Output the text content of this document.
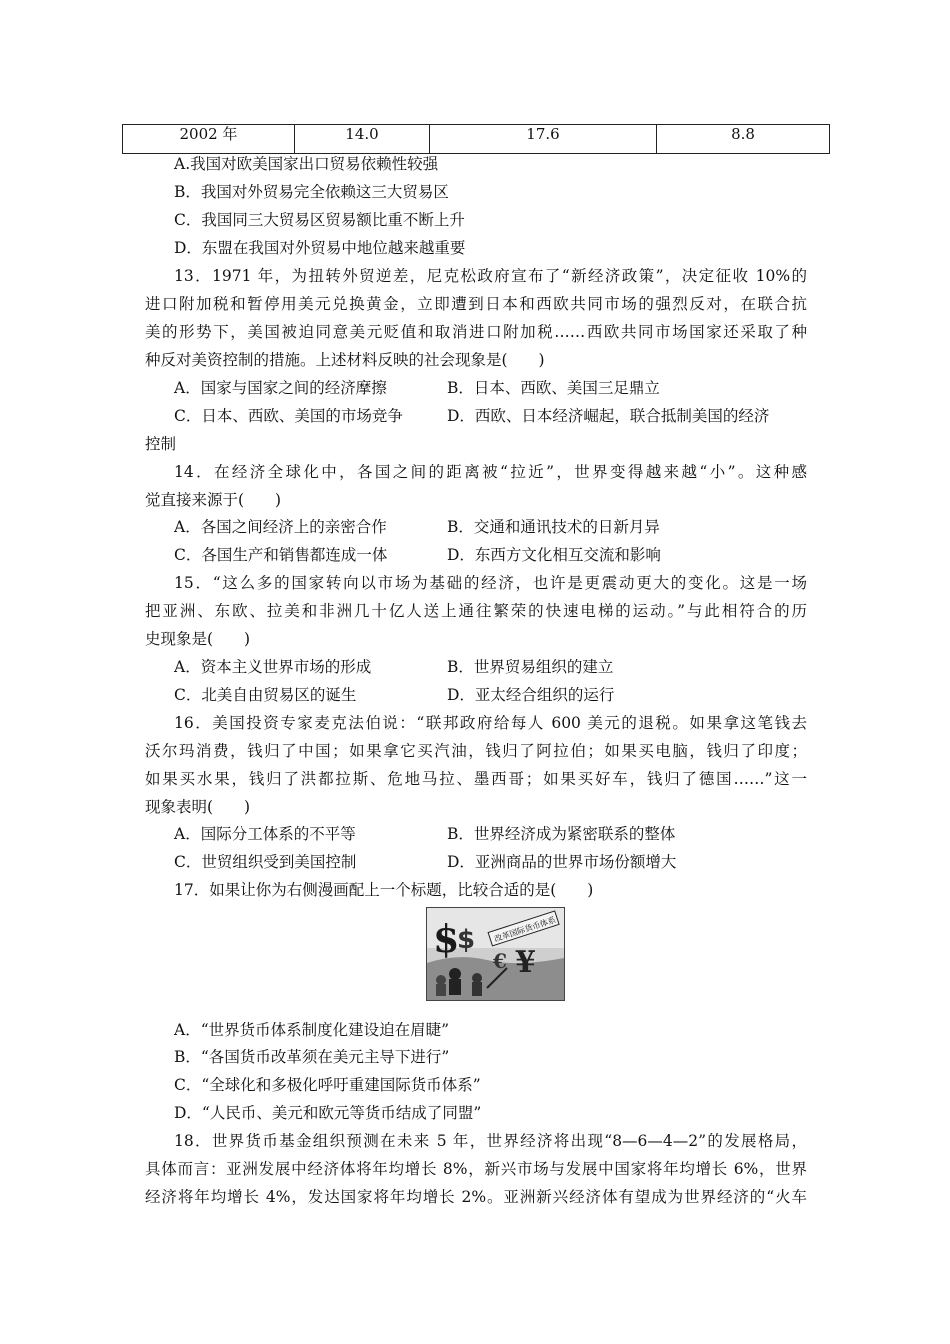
2002 年	14.0	17.6	8.8
A.我国对欧美国家出口贸易依赖性较强
B．我国对外贸易完全依赖这三大贸易区
C．我国同三大贸易区贸易额比重不断上升
D．东盟在我国对外贸易中地位越来越重要
13．1971 年，为扭转外贸逆差，尼克松政府宣布了“新经济政策”，决定征收 10%的
进口附加税和暂停用美元兑换黄金，立即遭到日本和西欧共同市场的强烈反对，在联合抗
美的形势下，美国被迫同意美元贬值和取消进口附加税……西欧共同市场国家还采取了种
种反对美资控制的措施。上述材料反映的社会现象是(　　)
A．国家与国家之间的经济摩擦	B．日本、西欧、美国三足鼎立
C．日本、西欧、美国的市场竞争	D．西欧、日本经济崛起，联合抵制美国的经济
控制
14．在经济全球化中，各国之间的距离被“拉近”，世界变得越来越“小”。这种感
觉直接来源于(　　)
A．各国之间经济上的亲密合作	B．交通和通讯技术的日新月异
C．各国生产和销售都连成一体	D．东西方文化相互交流和影响
15．“这么多的国家转向以市场为基础的经济，也许是更震动更大的变化。这是一场
把亚洲、东欧、拉美和非洲几十亿人送上通往繁荣的快速电梯的运动。”与此相符合的历
史现象是(　　)
A．资本主义世界市场的形成	B．世界贸易组织的建立
C．北美自由贸易区的诞生	D．亚太经合组织的运行
16．美国投资专家麦克法伯说：“联邦政府给每人 600 美元的退税。如果拿这笔钱去
沃尔玛消费，钱归了中国；如果拿它买汽油，钱归了阿拉伯；如果买电脑，钱归了印度；
如果买水果，钱归了洪都拉斯、危地马拉、墨西哥；如果买好车，钱归了德国……”这一
现象表明(　　)
A．国际分工体系的不平等	B．世界经济成为紧密联系的整体
C．世贸组织受到美国控制	D．亚洲商品的世界市场份额增大
17．如果让你为右侧漫画配上一个标题，比较合适的是(　　)
$
$ 改革国际货币体系
¥
€
A．“世界货币体系制度化建设迫在眉睫”
B．“各国货币改革须在美元主导下进行”
C．“全球化和多极化呼吁重建国际货币体系”
D．“人民币、美元和欧元等货币结成了同盟”
18．世界货币基金组织预测在未来 5 年，世界经济将出现“8—6—4—2”的发展格局，
具体而言：亚洲发展中经济体将年均增长 8%，新兴市场与发展中国家将年均增长 6%，世界
经济将年均增长 4%，发达国家将年均增长 2%。亚洲新兴经济体有望成为世界经济的“火车
